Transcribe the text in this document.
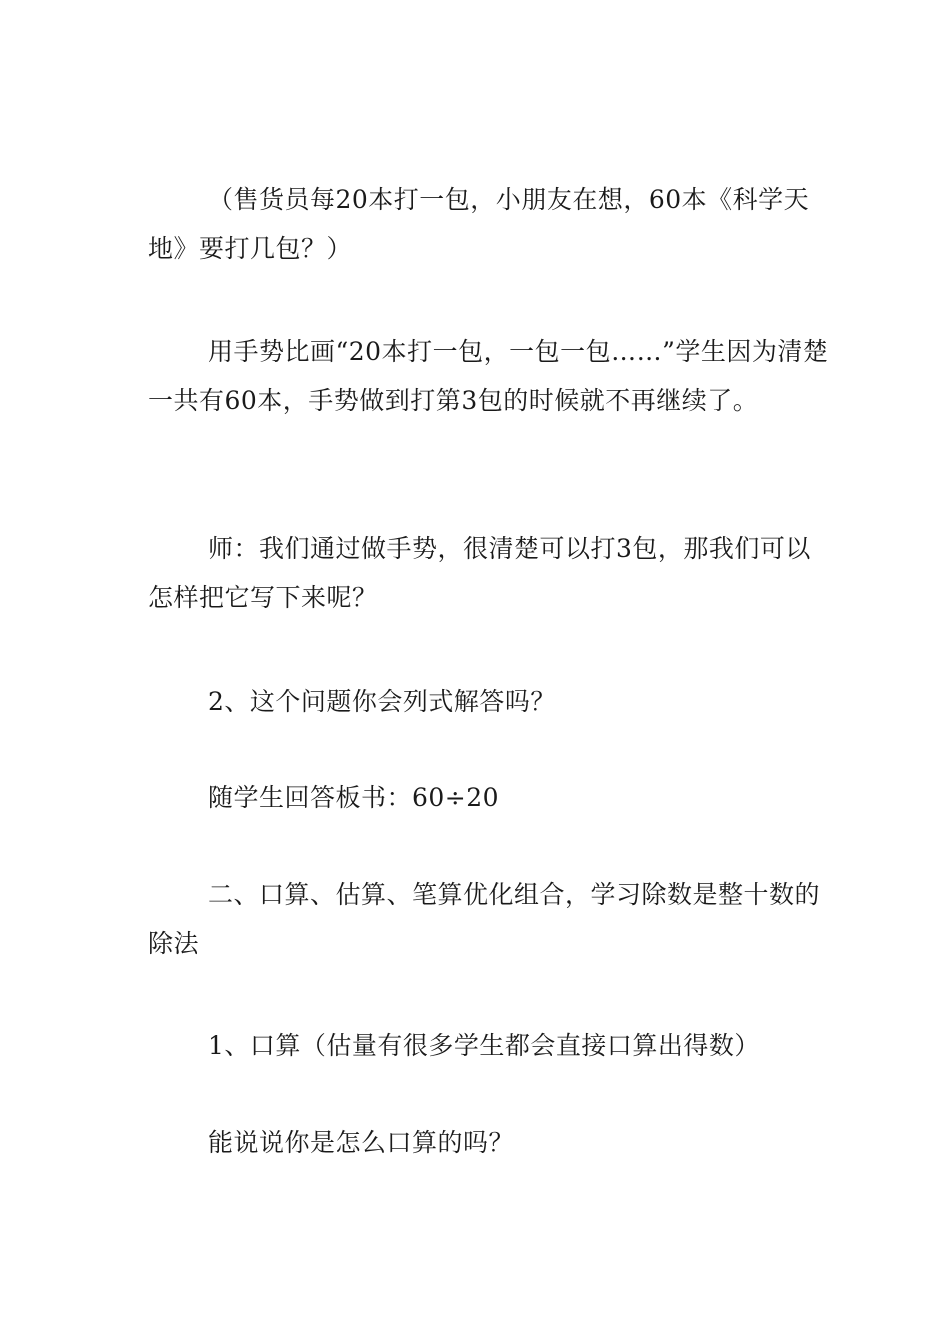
（售货员每20本打一包，小朋友在想，60本《科学天地》要打几包？）

用手势比画“20本打一包，一包一包……”学生因为清楚一共有60本，手势做到打第3包的时候就不再继续了。

师：我们通过做手势，很清楚可以打3包，那我们可以怎样把它写下来呢？

2、这个问题你会列式解答吗？

随学生回答板书：60÷20

二、口算、估算、笔算优化组合，学习除数是整十数的除法

1、口算（估量有很多学生都会直接口算出得数）

能说说你是怎么口算的吗？
